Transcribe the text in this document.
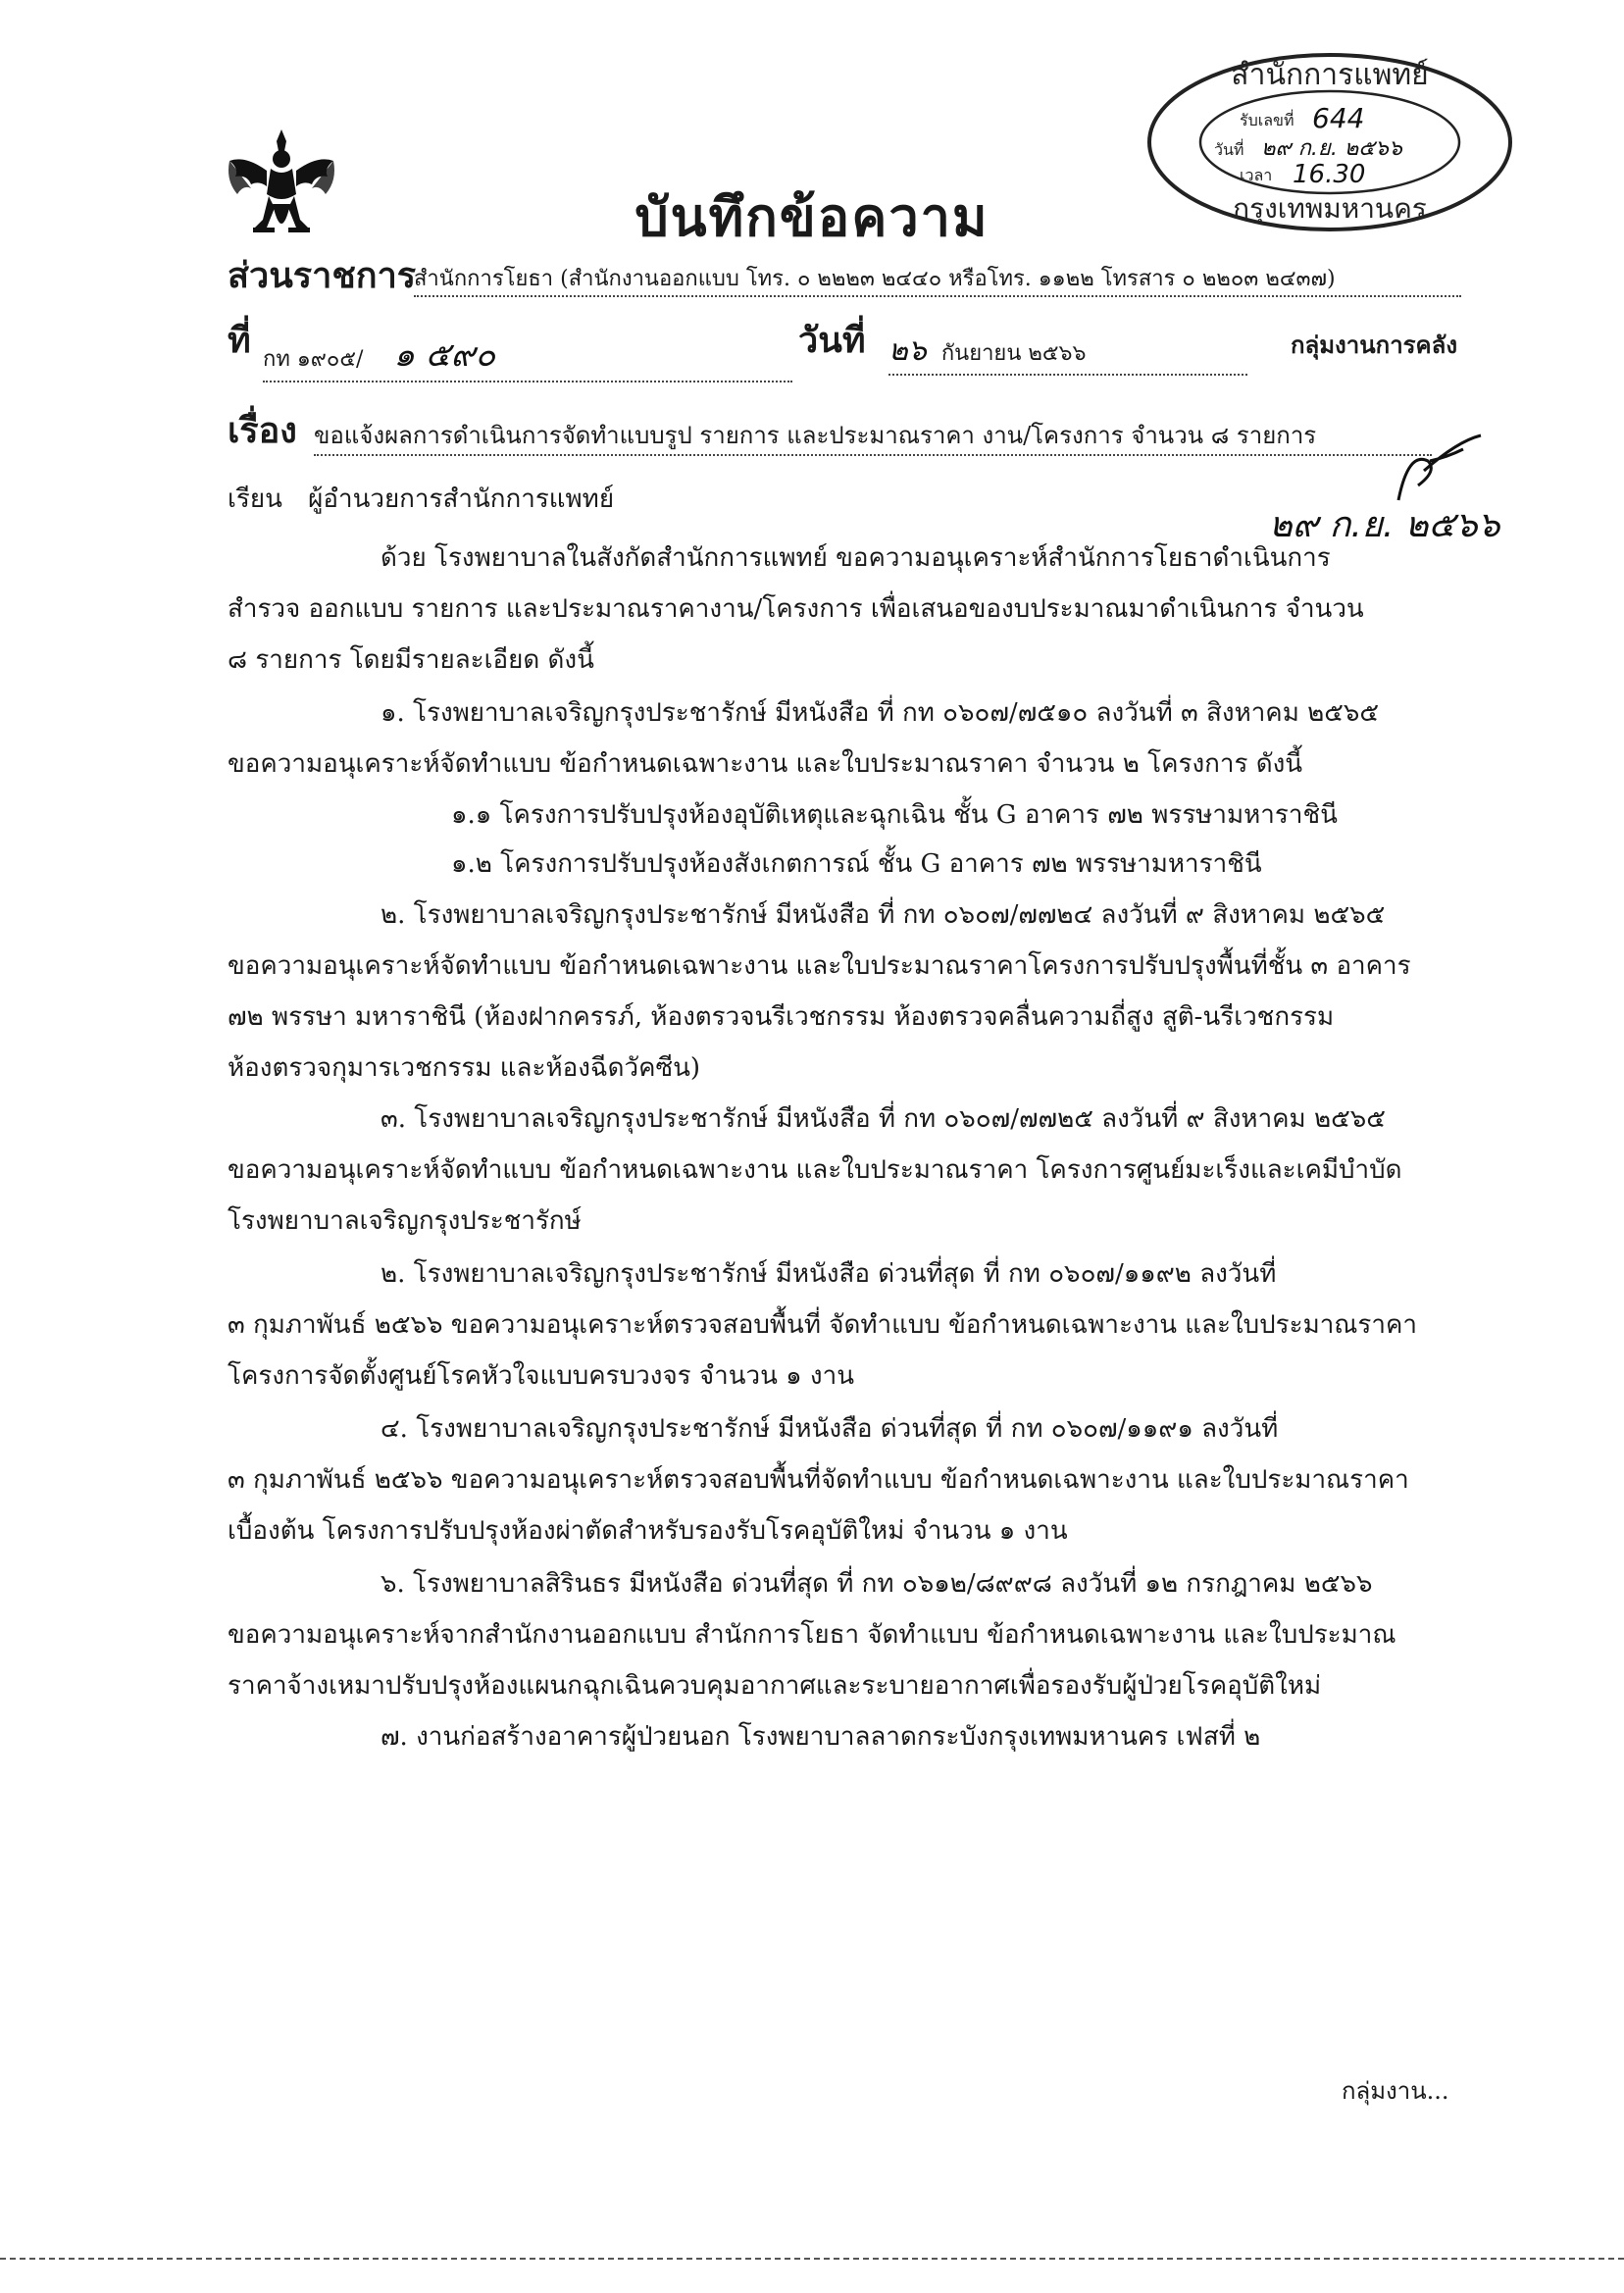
บันทึกข้อความ
สำนักการแพทย์
รับเลขที่ 644
วันที่ ๒๙ ก.ย. ๒๕๖๖
เวลา 16.30
กรุงเทพมหานคร
ส่วนราชการ
สำนักการโยธา (สำนักงานออกแบบ โทร. ๐ ๒๒๒๓ ๒๔๔๐ หรือโทร. ๑๑๒๒ โทรสาร ๐ ๒๒๐๓ ๒๔๓๗)
ที่ กท ๑๙๐๕/ ๑ ๕๙๐	วันที่ ๒๖ กันยายน ๒๕๖๖	กลุ่มงานการคลัง
เรื่อง ขอแจ้งผลการดำเนินการจัดทำแบบรูป รายการ และประมาณราคา งาน/โครงการ จำนวน ๘ รายการ
เรียน ผู้อำนวยการสำนักการแพทย์
๒๙ ก.ย. ๒๕๖๖
ด้วย โรงพยาบาลในสังกัดสำนักการแพทย์ ขอความอนุเคราะห์สำนักการโยธาดำเนินการ
สำรวจ ออกแบบ รายการ และประมาณราคางาน/โครงการ เพื่อเสนอของบประมาณมาดำเนินการ จำนวน
๘ รายการ โดยมีรายละเอียด ดังนี้
๑. โรงพยาบาลเจริญกรุงประชารักษ์ มีหนังสือ ที่ กท ๐๖๐๗/๗๕๑๐ ลงวันที่ ๓ สิงหาคม ๒๕๖๕
ขอความอนุเคราะห์จัดทำแบบ ข้อกำหนดเฉพาะงาน และใบประมาณราคา จำนวน ๒ โครงการ ดังนี้
๑.๑ โครงการปรับปรุงห้องอุบัติเหตุและฉุกเฉิน ชั้น G อาคาร ๗๒ พรรษามหาราชินี
๑.๒ โครงการปรับปรุงห้องสังเกตการณ์ ชั้น G อาคาร ๗๒ พรรษามหาราชินี
๒. โรงพยาบาลเจริญกรุงประชารักษ์ มีหนังสือ ที่ กท ๐๖๐๗/๗๗๒๔ ลงวันที่ ๙ สิงหาคม ๒๕๖๕
ขอความอนุเคราะห์จัดทำแบบ ข้อกำหนดเฉพาะงาน และใบประมาณราคาโครงการปรับปรุงพื้นที่ชั้น ๓ อาคาร
๗๒ พรรษา มหาราชินี (ห้องฝากครรภ์, ห้องตรวจนรีเวชกรรม ห้องตรวจคลื่นความถี่สูง สูติ-นรีเวชกรรม
ห้องตรวจกุมารเวชกรรม และห้องฉีดวัคซีน)
๓. โรงพยาบาลเจริญกรุงประชารักษ์ มีหนังสือ ที่ กท ๐๖๐๗/๗๗๒๕ ลงวันที่ ๙ สิงหาคม ๒๕๖๕
ขอความอนุเคราะห์จัดทำแบบ ข้อกำหนดเฉพาะงาน และใบประมาณราคา โครงการศูนย์มะเร็งและเคมีบำบัด
โรงพยาบาลเจริญกรุงประชารักษ์
๒. โรงพยาบาลเจริญกรุงประชารักษ์ มีหนังสือ ด่วนที่สุด ที่ กท ๐๖๐๗/๑๑๙๒ ลงวันที่
๓ กุมภาพันธ์ ๒๕๖๖ ขอความอนุเคราะห์ตรวจสอบพื้นที่ จัดทำแบบ ข้อกำหนดเฉพาะงาน และใบประมาณราคา
โครงการจัดตั้งศูนย์โรคหัวใจแบบครบวงจร จำนวน ๑ งาน
๔. โรงพยาบาลเจริญกรุงประชารักษ์ มีหนังสือ ด่วนที่สุด ที่ กท ๐๖๐๗/๑๑๙๑ ลงวันที่
๓ กุมภาพันธ์ ๒๕๖๖ ขอความอนุเคราะห์ตรวจสอบพื้นที่จัดทำแบบ ข้อกำหนดเฉพาะงาน และใบประมาณราคา
เบื้องต้น โครงการปรับปรุงห้องผ่าตัดสำหรับรองรับโรคอุบัติใหม่ จำนวน ๑ งาน
๖. โรงพยาบาลสิรินธร มีหนังสือ ด่วนที่สุด ที่ กท ๐๖๑๒/๘๙๙๘ ลงวันที่ ๑๒ กรกฎาคม ๒๕๖๖
ขอความอนุเคราะห์จากสำนักงานออกแบบ สำนักการโยธา จัดทำแบบ ข้อกำหนดเฉพาะงาน และใบประมาณ
ราคาจ้างเหมาปรับปรุงห้องแผนกฉุกเฉินควบคุมอากาศและระบายอากาศเพื่อรองรับผู้ป่วยโรคอุบัติใหม่
๗. งานก่อสร้างอาคารผู้ป่วยนอก โรงพยาบาลลาดกระบังกรุงเทพมหานคร เฟสที่ ๒
กลุ่มงาน...
